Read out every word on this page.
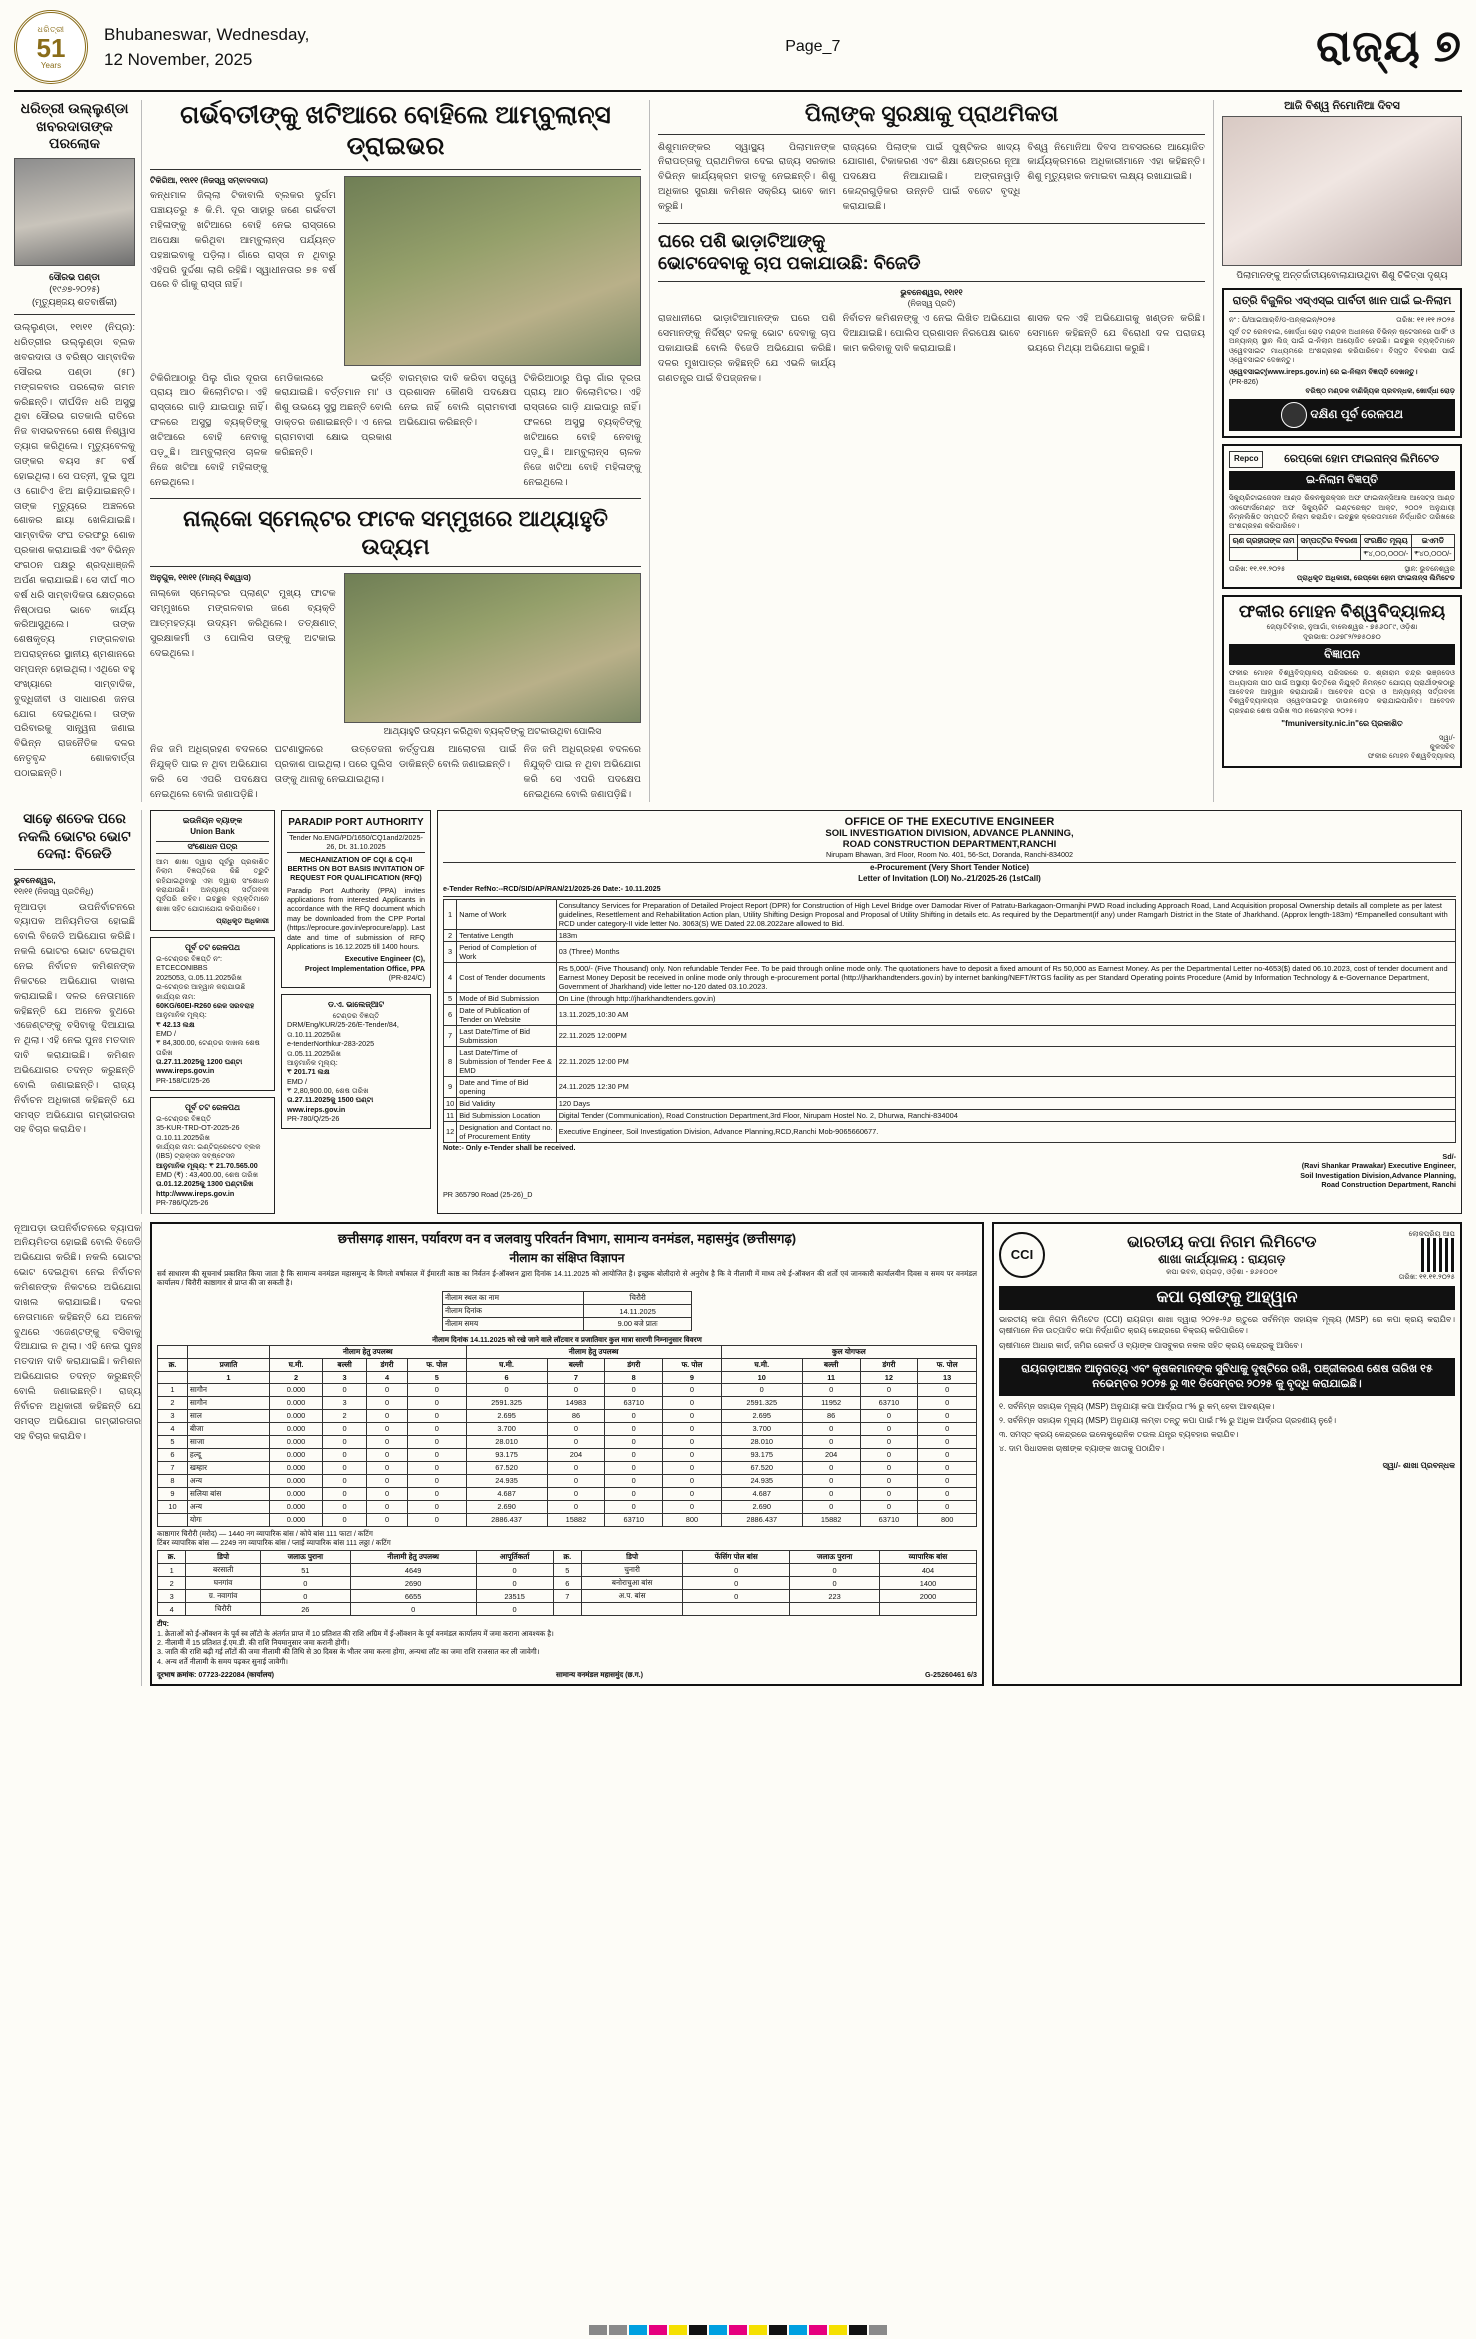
ଧରିତ୍ରୀ
51
Years
Bhubaneswar, Wednesday,
12 November, 2025
Page_7	ରାଜ୍ୟ ୭
ଧରିତ୍ରୀ ଉଲ୍ଲୁଣ୍ଡା
ଖବରଦାତାଙ୍କ
ପରଲୋକ
ସୌରଭ ପଣ୍ଡା
(୧୯୬୭-୨୦୨୫)
(ମୃତ୍ୟୁଞ୍ଜୟ ଶତବାର୍ଷିକୀ)
ଉଲ୍ଲୁଣ୍ଡା, ୧୧ା୧୧ (ନିପ୍ର): ଧରିତ୍ରୀର ଉଲ୍ଲୁଣ୍ଡା ବ୍ଲକ ଖବରଦାତା ଓ ବରିଷ୍ଠ ସାମ୍ବାଦିକ ସୌରଭ ପଣ୍ଡା (୫୮) ମଙ୍ଗଳବାର ପରଲୋକ ଗମନ କରିଛନ୍ତି। ଦୀର୍ଘଦିନ ଧରି ଅସୁସ୍ଥ ଥିବା ସୌରଭ ଗତକାଲି ରାତିରେ ନିଜ ବାସଭବନରେ ଶେଷ ନିଶ୍ୱାସ ତ୍ୟାଗ କରିଥିଲେ। ମୃତ୍ୟୁବେଳକୁ ତାଙ୍କର ବୟସ ୫୮ ବର୍ଷ ହୋଇଥିଲା। ସେ ପତ୍ନୀ, ଦୁଇ ପୁଅ ଓ ଗୋଟିଏ ଝିଅ ଛାଡ଼ିଯାଇଛନ୍ତି। ତାଙ୍କ ମୃତ୍ୟୁରେ ଅଞ୍ଚଳରେ ଶୋକର ଛାୟା ଖେଳିଯାଇଛି। ସାମ୍ବାଦିକ ସଂଘ ତରଫରୁ ଶୋକ ପ୍ରକାଶ କରାଯାଇଛି ଏବଂ ବିଭିନ୍ନ ସଂଗଠନ ପକ୍ଷରୁ ଶ୍ରଦ୍ଧାଞ୍ଜଳି ଅର୍ପଣ କରାଯାଇଛି। ସେ ଦୀର୍ଘ ୩୦ ବର୍ଷ ଧରି ସାମ୍ବାଦିକତା କ୍ଷେତ୍ରରେ ନିଷ୍ଠାପର ଭାବେ କାର୍ଯ୍ୟ କରିଆସୁଥିଲେ। ତାଙ୍କ ଶେଷକୃତ୍ୟ ମଙ୍ଗଳବାର ଅପରାହ୍ନରେ ସ୍ଥାନୀୟ ଶ୍ମଶାନରେ ସମ୍ପନ୍ନ ହୋଇଥିଲା। ଏଥିରେ ବହୁ ସଂଖ୍ୟାରେ ସାମ୍ବାଦିକ, ବୁଦ୍ଧିଜୀବୀ ଓ ସାଧାରଣ ଜନତା ଯୋଗ ଦେଇଥିଲେ। ତାଙ୍କ ପରିବାରକୁ ସାନ୍ତ୍ୱନା ଜଣାଇ ବିଭିନ୍ନ ରାଜନୈତିକ ଦଳର ନେତୃବୃନ୍ଦ ଶୋକବାର୍ତ୍ତା ପଠାଇଛନ୍ତି।
ଗର୍ଭବତୀଙ୍କୁ ଖଟିଆରେ ବୋହିଲେ ଆମ୍ବୁଲାନ୍ସ ଡ୍ରାଇଭର
ଟିକିରିଆ, ୧୧ା୧୧ (ନିଜସ୍ୱ ସମ୍ବାଦଦାତା)
କନ୍ଧମାଳ ଜିଲ୍ଲା ଟିକାବାଲି ବ୍ଲକର ଦୁର୍ଗମ ପଞ୍ଚାୟତରୁ ୫ କି.ମି. ଦୂର ସାହାରୁ ଜଣେ ଗର୍ଭବତୀ ମହିଳାଙ୍କୁ ଖଟିଆରେ ବୋହି ନେଇ ରାସ୍ତାରେ ଅପେକ୍ଷା କରିଥିବା ଆମ୍ବୁଲାନ୍ସ ପର୍ଯ୍ୟନ୍ତ ପହଞ୍ଚାଇବାକୁ ପଡ଼ିଲା। ଗାଁରେ ରାସ୍ତା ନ ଥିବାରୁ ଏହିପରି ଦୁର୍ଦ୍ଦଶା ଲାଗି ରହିଛି। ସ୍ୱାଧୀନତାର ୭୫ ବର୍ଷ ପରେ ବି ଗାଁକୁ ରାସ୍ତା ନାହିଁ।
ଟିକିରିଆଠାରୁ ପିଲୁ ଗାଁର ଦୂରତା ପ୍ରାୟ ଆଠ କିଲୋମିଟର। ଏହି ରାସ୍ତାରେ ଗାଡ଼ି ଯାଇପାରୁ ନାହିଁ। ଫଳରେ ଅସୁସ୍ଥ ବ୍ୟକ୍ତିଙ୍କୁ ଖଟିଆରେ ବୋହି ନେବାକୁ ପଡ଼ୁଛି। ଆମ୍ବୁଲାନ୍ସ ଚାଳକ ନିଜେ ଖଟିଆ ବୋହି ମହିଳାଙ୍କୁ ନେଇଥିଲେ।
ମେଡିକାଲରେ ଭର୍ତ୍ତି କରାଯାଇଛି। ବର୍ତ୍ତମାନ ମା' ଓ ଶିଶୁ ଉଭୟେ ସୁସ୍ଥ ଅଛନ୍ତି ବୋଲି ଡାକ୍ତର ଜଣାଇଛନ୍ତି। ଏ ନେଇ ଗ୍ରାମବାସୀ କ୍ଷୋଭ ପ୍ରକାଶ କରିଛନ୍ତି।
ବାରମ୍ବାର ଦାବି କରିବା ସତ୍ତ୍ୱେ ପ୍ରଶାସନ କୌଣସି ପଦକ୍ଷେପ ନେଇ ନାହିଁ ବୋଲି ଗ୍ରାମବାସୀ ଅଭିଯୋଗ କରିଛନ୍ତି।
ଟିକିରିଆଠାରୁ ପିଲୁ ଗାଁର ଦୂରତା ପ୍ରାୟ ଆଠ କିଲୋମିଟର। ଏହି ରାସ୍ତାରେ ଗାଡ଼ି ଯାଇପାରୁ ନାହିଁ। ଫଳରେ ଅସୁସ୍ଥ ବ୍ୟକ୍ତିଙ୍କୁ ଖଟିଆରେ ବୋହି ନେବାକୁ ପଡ଼ୁଛି। ଆମ୍ବୁଲାନ୍ସ ଚାଳକ ନିଜେ ଖଟିଆ ବୋହି ମହିଳାଙ୍କୁ ନେଇଥିଲେ।
ନାଲ୍‌କୋ ସ୍ମେଲ୍‌ଟର ଫାଟକ ସମ୍ମୁଖରେ ଆଥ୍ୟାହୁତି ଉଦ୍ୟମ
ଅନୁଗୁଳ, ୧୧ା୧୧ (ମାନ୍ୟ ବିଶ୍ୱାସ)
ନାଲ୍‌କୋ ସ୍ମେଲ୍‌ଟର ପ୍ଲାଣ୍ଟ ମୁଖ୍ୟ ଫାଟକ ସମ୍ମୁଖରେ ମଙ୍ଗଳବାର ଜଣେ ବ୍ୟକ୍ତି ଆତ୍ମହତ୍ୟା ଉଦ୍ୟମ କରିଥିଲେ। ତତ୍‌କ୍ଷଣାତ୍ ସୁରକ୍ଷାକର୍ମୀ ଓ ପୋଲିସ ତାଙ୍କୁ ଅଟକାଇ ଦେଇଥିଲେ।
ଆଥ୍ୟାହୁତି ଉଦ୍ୟମ କରିଥିବା ବ୍ୟକ୍ତିଙ୍କୁ ଅଟକାଉଥିବା ପୋଲିସ
ନିଜ ଜମି ଅଧିଗ୍ରହଣ ବଦଳରେ ନିଯୁକ୍ତି ପାଇ ନ ଥିବା ଅଭିଯୋଗ କରି ସେ ଏପରି ପଦକ୍ଷେପ ନେଇଥିଲେ ବୋଲି ଜଣାପଡ଼ିଛି।
ଘଟଣାସ୍ଥଳରେ ଉତ୍ତେଜନା ପ୍ରକାଶ ପାଇଥିଲା। ପରେ ପୁଲିସ ତାଙ୍କୁ ଥାନାକୁ ନେଇଯାଇଥିଲା।
କର୍ତ୍ତୃପକ୍ଷ ଆଲୋଚନା ପାଇଁ ଡାକିଛନ୍ତି ବୋଲି ଜଣାଇଛନ୍ତି।
ନିଜ ଜମି ଅଧିଗ୍ରହଣ ବଦଳରେ ନିଯୁକ୍ତି ପାଇ ନ ଥିବା ଅଭିଯୋଗ କରି ସେ ଏପରି ପଦକ୍ଷେପ ନେଇଥିଲେ ବୋଲି ଜଣାପଡ଼ିଛି।
ପିଲାଙ୍କ ସୁରକ୍ଷାକୁ ପ୍ରାଥମିକତା
ଶିଶୁମାନଙ୍କର ସ୍ୱାସ୍ଥ୍ୟ ପିଲାମାନଙ୍କ ନିରାପତ୍ତାକୁ ପ୍ରାଥମିକତା ଦେଇ ରାଜ୍ୟ ସରକାର ବିଭିନ୍ନ କାର୍ଯ୍ୟକ୍ରମ ହାତକୁ ନେଇଛନ୍ତି। ଶିଶୁ ଅଧିକାର ସୁରକ୍ଷା କମିଶନ ସକ୍ରିୟ ଭାବେ କାମ କରୁଛି।
ରାଜ୍ୟରେ ପିଲାଙ୍କ ପାଇଁ ପୁଷ୍ଟିକର ଖାଦ୍ୟ ଯୋଗାଣ, ଟିକାକରଣ ଏବଂ ଶିକ୍ଷା କ୍ଷେତ୍ରରେ ନୂଆ ପଦକ୍ଷେପ ନିଆଯାଇଛି। ଅଙ୍ଗନୱାଡ଼ି କେନ୍ଦ୍ରଗୁଡ଼ିକର ଉନ୍ନତି ପାଇଁ ବଜେଟ ବୃଦ୍ଧି କରାଯାଇଛି।
ବିଶ୍ୱ ନିମୋନିଆ ଦିବସ ଅବସରରେ ଆୟୋଜିତ କାର୍ଯ୍ୟକ୍ରମରେ ଅଧିକାରୀମାନେ ଏହା କହିଛନ୍ତି। ଶିଶୁ ମୃତ୍ୟୁହାର କମାଇବା ଲକ୍ଷ୍ୟ ରଖାଯାଇଛି।
ଘରେ ପଶି ଭାଡ଼ାଟିଆଙ୍କୁ
ଭୋଟଦେବାକୁ ଚାପ ପକାଯାଉଛି: ବିଜେଡି
ଭୁବନେଶ୍ୱର, ୧୧ା୧୧
(ନିଜସ୍ୱ ପ୍ରତି)
ରାଜଧାନୀରେ ଭାଡ଼ାଟିଆମାନଙ୍କ ଘରେ ପଶି ସେମାନଙ୍କୁ ନିର୍ଦ୍ଦିଷ୍ଟ ଦଳକୁ ଭୋଟ ଦେବାକୁ ଚାପ ପକାଯାଉଛି ବୋଲି ବିଜେଡି ଅଭିଯୋଗ କରିଛି। ଦଳର ମୁଖପାତ୍ର କହିଛନ୍ତି ଯେ ଏଭଳି କାର୍ଯ୍ୟ ଗଣତନ୍ତ୍ର ପାଇଁ ବିପଜ୍ଜନକ।
ନିର୍ବାଚନ କମିଶନଙ୍କୁ ଏ ନେଇ ଲିଖିତ ଅଭିଯୋଗ ଦିଆଯାଇଛି। ପୋଲିସ ପ୍ରଶାସନ ନିରପେକ୍ଷ ଭାବେ କାମ କରିବାକୁ ଦାବି କରାଯାଇଛି।
ଶାସକ ଦଳ ଏହି ଅଭିଯୋଗକୁ ଖଣ୍ଡନ କରିଛି। ସେମାନେ କହିଛନ୍ତି ଯେ ବିରୋଧୀ ଦଳ ପରାଜୟ ଭୟରେ ମିଥ୍ୟା ଅଭିଯୋଗ କରୁଛି।
ଆଜି ବିଶ୍ୱ ନିମୋନିଆ ଦିବସ
ପିଲାମାନଙ୍କୁ ଅନ୍ତର୍ଜାତୀୟବୋଲାଯାଉଥିବା ଶିଶୁ ଚିକିତ୍ସା ଦୃଶ୍ୟ
ରାତ୍ରି ବିଜୁଳିର ଏସ୍‌ଏସ୍‌ଇ ପାର୍ବତୀ ଖାନ ପାଇଁ ଇ-ନିଲାମ
ନଂ : ପି/ଆଇଆର୍‌ବି/ଡ-ଅନ୍‌ଲାଇନ୍‌/୨୦୨୫	ତାରିଖ: ୧୧।୧୧।୨୦୨୫
ପୂର୍ବ ତଟ ରେଳବାଇ, ଖୋର୍ଦ୍ଧା ରୋଡ଼ ମଣ୍ଡଳ ଅଧୀନରେ ବିଭିନ୍ନ ଷ୍ଟେସନରେ ପାର୍କିଂ ଓ ଅନ୍ୟାନ୍ୟ ସ୍ଥାନ ଲିଜ୍ ପାଇଁ ଇ-ନିଲାମ ଆୟୋଜିତ ହେଉଛି। ଇଚ୍ଛୁକ ବ୍ୟକ୍ତିମାନେ ଓ୍ୱେବସାଇଟ ମାଧ୍ୟମରେ ଅଂଶଗ୍ରହଣ କରିପାରିବେ। ବିସ୍ତୃତ ବିବରଣୀ ପାଇଁ ଓ୍ୱେବସାଇଟ ଦେଖନ୍ତୁ।
ଓ୍ୱେବସାଇଟ୍‌(www.ireps.gov.in) ରେ ଇ-ନିଲାମ ବିଜ୍ଞପ୍ତି ଦେଖନ୍ତୁ।
(PR-826)
ବରିଷ୍ଠ ମଣ୍ଡଳ ବାଣିଜ୍ୟିକ ପ୍ରବନ୍ଧକ, ଖୋର୍ଦ୍ଧା ରୋଡ଼
ଦକ୍ଷିଣ ପୂର୍ବ ରେଳପଥ
Repco	ରେପ୍‌କୋ ହୋମ ଫାଇନାନ୍ସ ଲିମିଟେଡ
ଇ-ନିଲାମ ବିଜ୍ଞପ୍ତି
ସିକ୍ୟୁରିଟାଇଜେସନ ଆଣ୍ଡ ରିକନଷ୍ଟ୍ରକ୍ସନ ଅଫ ଫାଇନାନ୍ସିଆଲ ଆସେଟ୍ସ ଆଣ୍ଡ ଏନଫୋର୍ସମେଣ୍ଟ ଅଫ ସିକ୍ୟୁରିଟି ଇଣ୍ଟରେଷ୍ଟ ଆକ୍ଟ, ୨୦୦୨ ଅନୁଯାୟୀ ନିମ୍ନଲିଖିତ ସମ୍ପତ୍ତି ନିଲାମ କରାଯିବ। ଇଚ୍ଛୁକ କ୍ରେତାମାନେ ନିର୍ଦ୍ଧାରିତ ତାରିଖରେ ଅଂଶଗ୍ରହଣ କରିପାରିବେ।
ଋଣ ଗ୍ରହୀତାଙ୍କ ନାମ	ସମ୍ପତ୍ତିର ବିବରଣୀ	ସଂରକ୍ଷିତ ମୂଲ୍ୟ	ଇଏମଡି
		₹୪,୦୦,୦୦୦/-	₹୪୦,୦୦୦/-
ତାରିଖ: ୧୧.୧୧.୨୦୨୫	ସ୍ଥାନ: ଭୁବନେଶ୍ୱର
ପ୍ରାଧିକୃତ ଅଧିକାରୀ, ରେପ୍‌କୋ ହୋମ ଫାଇନାନ୍ସ ଲିମିଟେଡ
ଫକୀର ମୋହନ ବିଶ୍ୱବିଦ୍ୟାଳୟ
ଜ୍ୟୋତିବିହାର, ନୁଆଗାଁ, ବାଲେଶ୍ୱର - ୭୫୬୦୮୯, ଓଡ଼ିଶା
ଦୂରଭାଷ: ୦୬୭୮୨/୨୭୫୦୭୦
ବିଜ୍ଞାପନ
ଫକୀର ମୋହନ ବିଶ୍ୱବିଦ୍ୟାଳୟ ପରିସରରେ ଡ. ଶ୍ରୀରାମ ଚନ୍ଦ୍ର ଭଞ୍ଜଦେଓ ଅଧ୍ୟାପନା ପୀଠ ପାଇଁ ଅସ୍ଥାୟୀ ଭିତ୍ତିରେ ନିଯୁକ୍ତି ନିମନ୍ତେ ଯୋଗ୍ୟ ପ୍ରାର୍ଥୀଙ୍କଠାରୁ ଆବେଦନ ଆହ୍ୱାନ କରାଯାଉଛି। ଆବେଦନ ପତ୍ର ଓ ଅନ୍ୟାନ୍ୟ ସର୍ତ୍ତାବଳୀ ବିଶ୍ୱବିଦ୍ୟାଳୟର ଓ୍ୱେବସାଇଟରୁ ଡାଉନଲୋଡ କରାଯାଇପାରିବ। ଆବେଦନ ଗ୍ରହଣର ଶେଷ ତାରିଖ ୩୦ ନଭେମ୍ବର ୨୦୨୫।
"fmuniversity.nic.in"ରେ ପ୍ରକାଶିତ
ସ୍ୱା/-
କୁଳସଚିବ
ଫକୀର ମୋହନ ବିଶ୍ୱବିଦ୍ୟାଳୟ
ସାଢ଼େ ଶତେକ ପରେ
ନକଲି ଭୋଟର ଭୋଟ
ଦେଲା: ବିଜେଡି
ଭୁବନେଶ୍ୱର,
୧୧ା୧୧ (ନିଜସ୍ୱ ପ୍ରତିନିଧି)
ନୂଆପଡ଼ା ଉପନିର୍ବାଚନରେ ବ୍ୟାପକ ଅନିୟମିତତା ହୋଇଛି ବୋଲି ବିଜେଡି ଅଭିଯୋଗ କରିଛି। ନକଲି ଭୋଟର ଭୋଟ ଦେଇଥିବା ନେଇ ନିର୍ବାଚନ କମିଶନଙ୍କ ନିକଟରେ ଅଭିଯୋଗ ଦାଖଲ କରାଯାଇଛି। ଦଳର ନେତାମାନେ କହିଛନ୍ତି ଯେ ଅନେକ ବୁଥରେ ଏଜେଣ୍ଟଙ୍କୁ ବସିବାକୁ ଦିଆଯାଇ ନ ଥିଲା। ଏହି ନେଇ ପୁନଃ ମତଦାନ ଦାବି କରାଯାଇଛି। କମିଶନ ଅଭିଯୋଗର ତଦନ୍ତ କରୁଛନ୍ତି ବୋଲି ଜଣାଇଛନ୍ତି। ରାଜ୍ୟ ନିର୍ବାଚନ ଅଧିକାରୀ କହିଛନ୍ତି ଯେ ସମସ୍ତ ଅଭିଯୋଗ ଗମ୍ଭୀରତାର ସହ ବିଚାର କରାଯିବ।
ଇଉନିୟନ ବ୍ୟାଙ୍କ
Union Bank
ସଂଶୋଧନ ପତ୍ର
ଆମ ଶାଖା ଦ୍ୱାରା ପୂର୍ବରୁ ପ୍ରକାଶିତ ନିଲାମ ବିଜ୍ଞପ୍ତିରେ କିଛି ତ୍ରୁଟି ରହିଯାଇଥିବାରୁ ଏହା ଦ୍ୱାରା ସଂଶୋଧନ କରାଯାଉଛି। ଅନ୍ୟାନ୍ୟ ସର୍ତ୍ତାବଳୀ ପୂର୍ବପରି ରହିବ। ଇଚ୍ଛୁକ ବ୍ୟକ୍ତିମାନେ ଶାଖା ସହିତ ଯୋଗାଯୋଗ କରିପାରିବେ।
ପ୍ରାଧିକୃତ ଅଧିକାରୀ
ପୂର୍ବ ତଟ ରେଳପଥ
ଇ-ଟେଣ୍ଡର ବିଜ୍ଞପ୍ତି ନଂ: ETCECONIBBS
2025053, ତା.05.11.2025ରିଖ
ଇ-ଟେଣ୍ଡର ଆହ୍ୱାନ କରାଯାଉଛି
କାର୍ଯ୍ୟର ନାମ:
60KG/60EI-R260 ରେଳ ସରବରାହ
ଆନୁମାନିକ ମୂଲ୍ୟ:
₹ 42.13 ଲକ୍ଷ
EMD /
₹ 84,300.00, ଟେଣ୍ଡର ଦାଖଲ ଶେଷ ତାରିଖ
ତା.27.11.2025କୁ 1200 ଘଣ୍ଟା
www.ireps.gov.in
PR-158/CI/25-26
ପୂର୍ବ ତଟ ରେଳପଥ
ଇ-ଟେଣ୍ଡର ବିଜ୍ଞପ୍ତି
35-KUR-TRD-OT-2025-26
ତା.10.11.2025ରିଖ
କାର୍ଯ୍ୟର ନାମ: ଇଣ୍ଟିଗ୍ରେଟେଡ ବ୍ଲକ (IBS) ଟ୍ରାକ୍ସନ ସବ୍‌ଷ୍ଟେସନ
ଆନୁମାନିକ ମୂଲ୍ୟ: ₹ 21.70.565.00
EMD (₹) : 43,400.00, ଶେଷ ତାରିଖ
ତା.01.12.2025କୁ 1300 ଘଣ୍ଟାରିଖ
http://www.ireps.gov.in
PR-786/Q/25-26
PARADIP PORT AUTHORITY
Tender No.ENG/PD/1650/CQ1and2/2025-26, Dt. 31.10.2025
MECHANIZATION OF CQI & CQ-II BERTHS ON BOT BASIS INVITATION OF REQUEST FOR QUALIFICATION (RFQ)
Paradip Port Authority (PPA) invites applications from interested Applicants in accordance with the RFQ document which may be downloaded from the CPP Portal (https://eprocure.gov.in/eprocure/app). Last date and time of submission of RFQ Applications is 16.12.2025 till 1400 hours.
Executive Engineer (C),
Project Implementation Office, PPA
(PR-824/C)
ଡ.ଏ. ଭାଲେଜ୍‌ଆଟ
ଟେଣ୍ଡର ବିଜ୍ଞପ୍ତି
DRM/Eng/KUR/25-26/E-Tender/84, ତା.10.11.2025ରିଖ
e-tenderNorthkur-283-2025
ତା.05.11.2025ରିଖ
ଆନୁମାନିକ ମୂଲ୍ୟ:
₹ 201.71 ଲକ୍ଷ
EMD /
₹ 2,80,900.00, ଶେଷ ତାରିଖ
ତା.27.11.2025କୁ 1500 ଘଣ୍ଟା
www.ireps.gov.in
PR-780/Q/25-26
OFFICE OF THE EXECUTIVE ENGINEER
SOIL INVESTIGATION DIVISION, ADVANCE PLANNING,
ROAD CONSTRUCTION DEPARTMENT,RANCHI
Nirupam Bhawan, 3rd Floor, Room No. 401, 56-Sct, Doranda, Ranchi-834002
e-Procurement (Very Short Tender Notice)
Letter of Invitation (LOI) No.-21/2025-26 (1stCall)
e-Tender RefNo:--RCD/SID/AP/RAN/21/2025-26 Date:- 10.11.2025
1	Name of Work	Consultancy Services for Preparation of Detailed Project Report (DPR) for Construction of High Level Bridge over Damodar River of Patratu-Barkagaon-Ormanjhi PWD Road including Approach Road, Land Acquisition proposal Ownership details all complete as per latest guidelines, Resettlement and Rehabilitation Action plan, Utility Shifting Design Proposal and Proposal of Utility Shifting in details etc. As required by the Department(if any) under Ramgarh District in the State of Jharkhand. (Approx length-183m) *Empanelled consultant with RCD under category-II vide letter No. 3063(S) WE Dated 22.08.2022are allowed to Bid.
2	Tentative Length	183m
3	Period of Completion of Work	03 (Three) Months
4	Cost of Tender documents	Rs 5,000/- (Five Thousand) only. Non refundable Tender Fee. To be paid through online mode only. The quotationers have to deposit a fixed amount of Rs 50,000 as Earnest Money. As per the Departmental Letter no-4653($) dated 06.10.2023, cost of tender document and Earnest Money Deposit be received in online mode only through e-procurement portal (http://jharkhandtenders.gov.in) by internet banking/NEFT/RTGS facility as per Standard Operating points Procedure (Amid by Information Technology & e-Governance Department, Government of Jharkhand) vide letter no-120 dated 03.10.2023.
5	Mode of Bid Submission	On Line (through http://jharkhandtenders.gov.in)
6	Date of Publication of Tender on Website	13.11.2025,10:30 AM
7	Last Date/Time of Bid Submission	22.11.2025 12:00PM
8	Last Date/Time of Submission of Tender Fee & EMD	22.11.2025 12:00 PM
9	Date and Time of Bid opening	24.11.2025 12:30 PM
10	Bid Validity	120 Days
11	Bid Submission Location	Digital Tender (Communication), Road Construction Department,3rd Floor, Nirupam Hostel No. 2, Dhurwa, Ranchi-834004
12	Designation and Contact no. of Procurement Entity	Executive Engineer, Soil Investigation Division, Advance Planning,RCD,Ranchi Mob-9065660677.
Note:- Only e-Tender shall be received.
Sd/-
(Ravi Shankar Prawakar) Executive Engineer,
Soil Investigation Division,Advance Planning,
Road Construction Department, Ranchi
PR 365790 Road (25-26)_D
ନୂଆପଡ଼ା ଉପନିର୍ବାଚନରେ ବ୍ୟାପକ ଅନିୟମିତତା ହୋଇଛି ବୋଲି ବିଜେଡି ଅଭିଯୋଗ କରିଛି। ନକଲି ଭୋଟର ଭୋଟ ଦେଇଥିବା ନେଇ ନିର୍ବାଚନ କମିଶନଙ୍କ ନିକଟରେ ଅଭିଯୋଗ ଦାଖଲ କରାଯାଇଛି। ଦଳର ନେତାମାନେ କହିଛନ୍ତି ଯେ ଅନେକ ବୁଥରେ ଏଜେଣ୍ଟଙ୍କୁ ବସିବାକୁ ଦିଆଯାଇ ନ ଥିଲା। ଏହି ନେଇ ପୁନଃ ମତଦାନ ଦାବି କରାଯାଇଛି। କମିଶନ ଅଭିଯୋଗର ତଦନ୍ତ କରୁଛନ୍ତି ବୋଲି ଜଣାଇଛନ୍ତି। ରାଜ୍ୟ ନିର୍ବାଚନ ଅଧିକାରୀ କହିଛନ୍ତି ଯେ ସମସ୍ତ ଅଭିଯୋଗ ଗମ୍ଭୀରତାର ସହ ବିଚାର କରାଯିବ।
छत्तीसगढ़ शासन, पर्यावरण वन व जलवायु परिवर्तन विभाग, सामान्य वनमंडल, महासमुंद (छत्तीसगढ़)
नीलाम का संक्षिप्त विज्ञापन
सर्व साधारण की सूचनार्थ प्रकाशित किया जाता है कि सामान्य वनमंडल महासमुन्द के विगतो वर्षाकाल में ईमारती काष्ठ का निर्वतन ई-ऑक्शन द्वारा दिनांक 14.11.2025 को आयोजित है। इच्छुक बोलीदारो से अनुरोध है कि वे नीलामी में माध्य तथे ई-ऑक्शन की शर्तो एवं जानकारी कार्यालयीन दिवस व समय पर वनमंडल कार्यालय / चिरौरी काष्ठागार से प्राप्त की जा सकती है।
नीलाम स्थल का नाम	चिरौरी
नीलाम दिनांक	14.11.2025
नीलाम समय	9.00 बजे प्रातः
नीलाम दिनांक 14.11.2025 को रखे जाने वाले लॉटवार व प्रजातिवार कुल मात्रा सारणी निम्नानुसार विवरण
		नीलाम हेतु उपलब्ध				नीलाम हेतु उपलब्ध				कुल योगफल			
क्र.	प्रजाति	घ.मी.	बल्ली	डंगरी	फ. पोल	घ.मी.	बल्ली	डंगरी	फ. पोल	घ.मी.	बल्ली	डंगरी	फ. पोल
	1	2	3	4	5	6	7	8	9	10	11	12	13
1	सागौन	0.000	0	0	0	0	0	0	0	0	0	0	0
2	सागौन	0.000	3	0	0	2591.325	14983	63710	0	2591.325	11952	63710	0
3	साल	0.000	2	0	0	2.695	86	0	0	2.695	86	0	0
4	बीजा	0.000	0	0	0	3.700	0	0	0	3.700	0	0	0
5	साजा	0.000	0	0	0	28.010	0	0	0	28.010	0	0	0
6	हल्दू	0.000	0	0	0	93.175	204	0	0	93.175	204	0	0
7	खम्हार	0.000	0	0	0	67.520	0	0	0	67.520	0	0	0
8	अन्य	0.000	0	0	0	24.935	0	0	0	24.935	0	0	0
9	सलिया बांस	0.000	0	0	0	4.687	0	0	0	4.687	0	0	0
10	अन्य	0.000	0	0	0	2.690	0	0	0	2.690	0	0	0
	योगः	0.000	0	0	0	2886.437	15882	63710	800	2886.437	15882	63710	800
काष्ठागार चिरौरी (मरोद) — 1440 नग व्यापारिक बांस / कोपे बांस 111 फाटा / कटिंग
टिंबर व्यापारिक बांस — 2249 नग व्यापारिक बांस / प्लाई व्यापारिक बांस 111 लठ्ठा / कटिंग
क्र.	डिपो	जलाऊ पुराना	नीलामी हेतु उपलब्ध	आपूर्तिकर्ता	क्र.	डिपो	फेंसिंग पोल बांस	जलाऊ पुराना	व्यापारिक बांस
1	बरसाती	51	4649	0	5	चुनारी	0	0	404
2	घनगांव	0	2690	0	6	बनोराचुआ बांस	0	0	1400
3	ग्र. नवागांव	0	6655	23515	7	अ.प. बांस	0	223	2000
4	चिरौरी	26	0	0					
टीप:
1. क्रेताओं को ई-ऑक्शन के पूर्व स्व लॉटो के अंतर्गत प्राप्त में 10 प्रतिशत की राशि अग्रिम में ई-ऑक्शन के पूर्व वनमंडल कार्यालय में जमा कराना आवश्यक है।
2. नीलामी में 15 प्रतिशत ई.एम.डी. की राशि नियमानुसार जमा करानी होगी।
3. जाति की राशि बढ़ी गई लॉटों की जमा नीलामी की तिथि से 30 दिवस के भीतर जमा करना होगा, अन्यथा लॉट का जमा राशि राजसात कर ली जावेगी।
4. अन्य शर्ते नीलामी के समय पढ़कर सुनाई जावेगी।
दूरभाष क्रमांक: 07723-222084 (कार्यालय)	सामान्य वनमंडल महासमुंद (छ.ग.)	G-25260461 6/3
CCI
ଭାରତୀୟ କପା ନିଗମ ଲିମିଟେଡ
ଶାଖା କାର୍ଯ୍ୟାଳୟ : ରାୟଗଡ଼
କପା ଭବନ, ରାୟଗଡ଼, ଓଡ଼ିଶା - ୭୬୫୦୦୧
ଲୋକପ୍ରିୟ ଆପ
ତାରିଖ: ୧୧.୧୧.୨୦୨୫
କପା ଚାଷୀଙ୍କୁ ଆହ୍ୱାନ
ଭାରତୀୟ କପା ନିଗମ ଲିମିଟେଡ (CCI) ରାୟଗଡ଼ା ଶାଖା ଦ୍ୱାରା ୨୦୨୫-୨୬ ଋତୁରେ ସର୍ବନିମ୍ନ ସହାୟକ ମୂଲ୍ୟ (MSP) ରେ କପା କ୍ରୟ କରାଯିବ। ଚାଷୀମାନେ ନିଜ ଉତ୍ପାଦିତ କପା ନିର୍ଦ୍ଧାରିତ କ୍ରୟ କେନ୍ଦ୍ରରେ ବିକ୍ରୟ କରିପାରିବେ।
ଚାଷୀମାନେ ଆଧାର କାର୍ଡ, ଜମିର ରେକର୍ଡ ଓ ବ୍ୟାଙ୍କ ପାସବୁକର ନକଲ ସହିତ କ୍ରୟ କେନ୍ଦ୍ରକୁ ଆସିବେ।
ରାୟଗଡ଼ାଅଞ୍ଚଳ ଆନୁଗତ୍ୟ ଏବଂ କୃଷକମାନଙ୍କ ସୁବିଧାକୁ ଦୃଷ୍ଟିରେ ରଖି, ପଞ୍ଜୀକରଣ ଶେଷ ତାରିଖ ୧୫ ନଭେମ୍ବର ୨୦୨୫ ରୁ ୩୧ ଡିସେମ୍ବର ୨୦୨୫ କୁ ବୃଦ୍ଧି କରାଯାଇଛି।
୧. ସର୍ବନିମ୍ନ ସହାୟକ ମୂଲ୍ୟ (MSP) ଅନୁଯାୟୀ କପା ଆର୍ଦ୍ରତା ୮% ରୁ କମ୍ ହେବା ଆବଶ୍ୟକ।
୨. ସର୍ବନିମ୍ନ ସହାୟକ ମୂଲ୍ୟ (MSP) ଅନୁଯାୟୀ ଲମ୍ବା ତନ୍ତୁ କପା ପାଇଁ ୮% ରୁ ଅଧିକ ଆର୍ଦ୍ରତା ଗ୍ରହଣୀୟ ନୁହେଁ।
୩. ସମସ୍ତ କ୍ରୟ କେନ୍ଦ୍ରରେ ଇଲେକ୍ଟ୍ରୋନିକ ତଉଲ ଯନ୍ତ୍ର ବ୍ୟବହାର କରାଯିବ।
୪. ଦାମ ସିଧାସଳଖ ଚାଷୀଙ୍କ ବ୍ୟାଙ୍କ ଖାତାକୁ ପଠାଯିବ।
ସ୍ୱା/- ଶାଖା ପ୍ରବନ୍ଧକ
